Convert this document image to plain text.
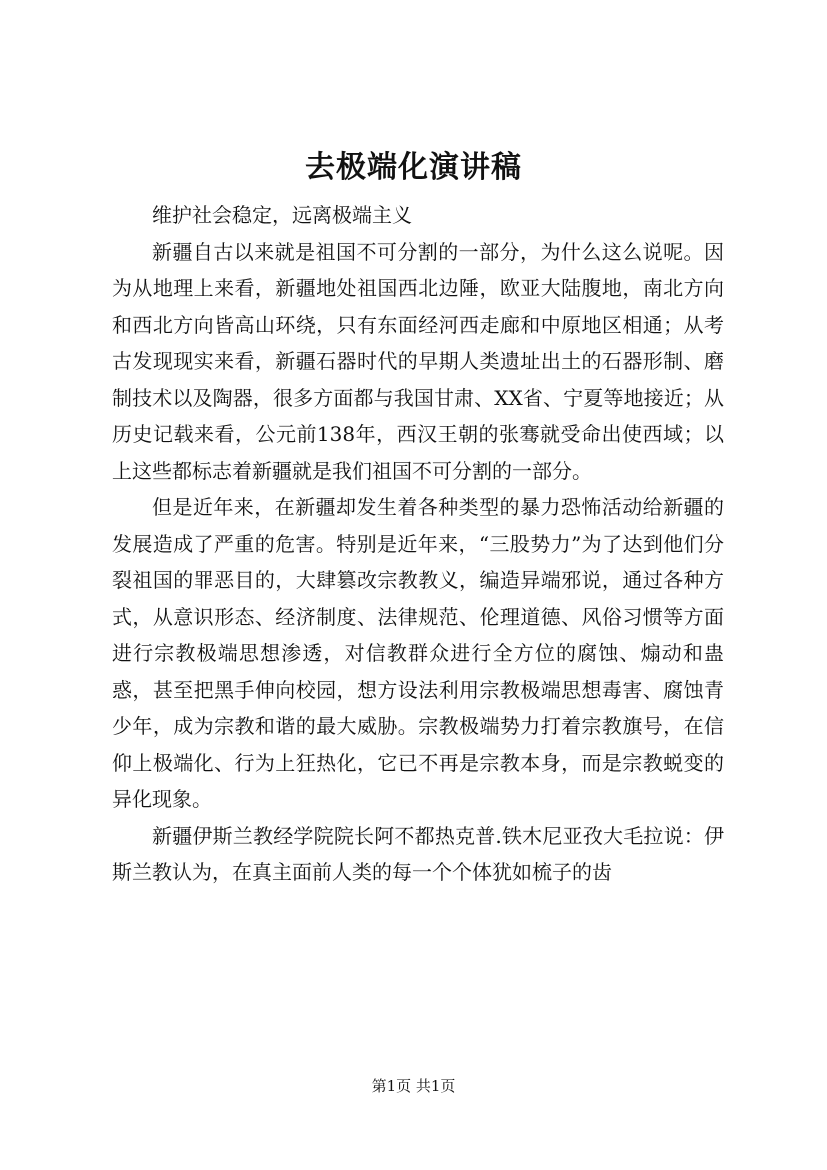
去极端化演讲稿

维护社会稳定，远离极端主义

新疆自古以来就是祖国不可分割的一部分，为什么这么说呢。因为从地理上来看，新疆地处祖国西北边陲，欧亚大陆腹地，南北方向和西北方向皆高山环绕，只有东面经河西走廊和中原地区相通；从考古发现现实来看，新疆石器时代的早期人类遗址出土的石器形制、磨制技术以及陶器，很多方面都与我国甘肃、XX省、宁夏等地接近；从历史记载来看，公元前138年，西汉王朝的张骞就受命出使西域；以上这些都标志着新疆就是我们祖国不可分割的一部分。

但是近年来，在新疆却发生着各种类型的暴力恐怖活动给新疆的发展造成了严重的危害。特别是近年来，“三股势力”为了达到他们分裂祖国的罪恶目的，大肆篡改宗教教义，编造异端邪说，通过各种方式，从意识形态、经济制度、法律规范、伦理道德、风俗习惯等方面进行宗教极端思想渗透，对信教群众进行全方位的腐蚀、煽动和蛊惑，甚至把黑手伸向校园，想方设法利用宗教极端思想毒害、腐蚀青少年，成为宗教和谐的最大威胁。宗教极端势力打着宗教旗号，在信仰上极端化、行为上狂热化，它已不再是宗教本身，而是宗教蜕变的异化现象。

新疆伊斯兰教经学院院长阿不都热克普.铁木尼亚孜大毛拉说：伊斯兰教认为，在真主面前人类的每一个个体犹如梳子的齿

第1页 共1页
